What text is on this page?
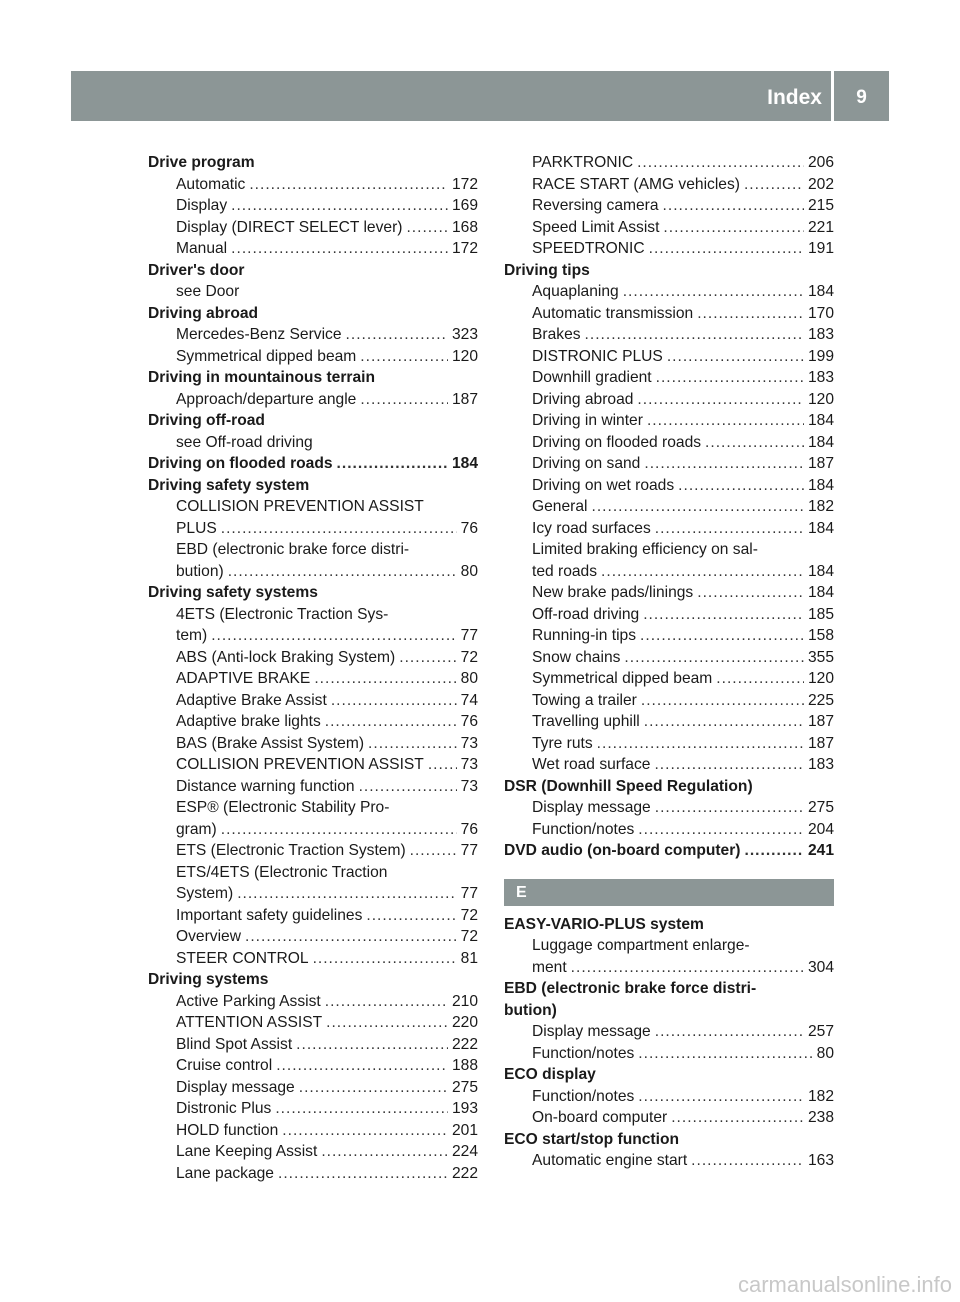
Index	9
Drive program
Automatic .....	172
Display .....	169
Display (DIRECT SELECT lever) .....	168
Manual .....	172
Driver's door
see Door
Driving abroad
Mercedes-Benz Service .....	323
Symmetrical dipped beam .....	120
Driving in mountainous terrain
Approach/departure angle .....	187
Driving off-road
see Off-road driving
Driving on flooded roads .....	184
Driving safety system
COLLISION PREVENTION ASSIST
PLUS .....	76
EBD (electronic brake force distri-
bution) .....	80
Driving safety systems
4ETS (Electronic Traction Sys-
tem) .....	77
ABS (Anti-lock Braking System) .....	72
ADAPTIVE BRAKE .....	80
Adaptive Brake Assist .....	74
Adaptive brake lights .....	76
BAS (Brake Assist System) .....	73
COLLISION PREVENTION ASSIST ..... 73
Distance warning function .....	73
ESP® (Electronic Stability Pro-
gram) .....	76
ETS (Electronic Traction System) .....	77
ETS/4ETS (Electronic Traction
System) .....	77
Important safety guidelines .....	72
Overview .....	72
STEER CONTROL .....	81
Driving systems
Active Parking Assist .....	210
ATTENTION ASSIST .....	220
Blind Spot Assist .....	222
Cruise control .....	188
Display message .....	275
Distronic Plus .....	193
HOLD function .....	201
Lane Keeping Assist .....	224
Lane package .....	222
PARKTRONIC .....	206
RACE START (AMG vehicles) .....	202
Reversing camera .....	215
Speed Limit Assist .....	221
SPEEDTRONIC .....	191
Driving tips
Aquaplaning .....	184
Automatic transmission .....	170
Brakes .....	183
DISTRONIC PLUS .....	199
Downhill gradient .....	183
Driving abroad .....	120
Driving in winter .....	184
Driving on flooded roads .....	184
Driving on sand .....	187
Driving on wet roads .....	184
General .....	182
Icy road surfaces .....	184
Limited braking efficiency on sal-
ted roads .....	184
New brake pads/linings .....	184
Off-road driving .....	185
Running-in tips .....	158
Snow chains .....	355
Symmetrical dipped beam .....	120
Towing a trailer .....	225
Travelling uphill .....	187
Tyre ruts .....	187
Wet road surface .....	183
DSR (Downhill Speed Regulation)
Display message .....	275
Function/notes .....	204
DVD audio (on-board computer) .....	241
E
EASY-VARIO-PLUS system
Luggage compartment enlarge-
ment .....	304
EBD (electronic brake force distri-
bution)
Display message .....	257
Function/notes .....	80
ECO display
Function/notes .....	182
On-board computer .....	238
ECO start/stop function
Automatic engine start .....	163
carmanualsonline.info
